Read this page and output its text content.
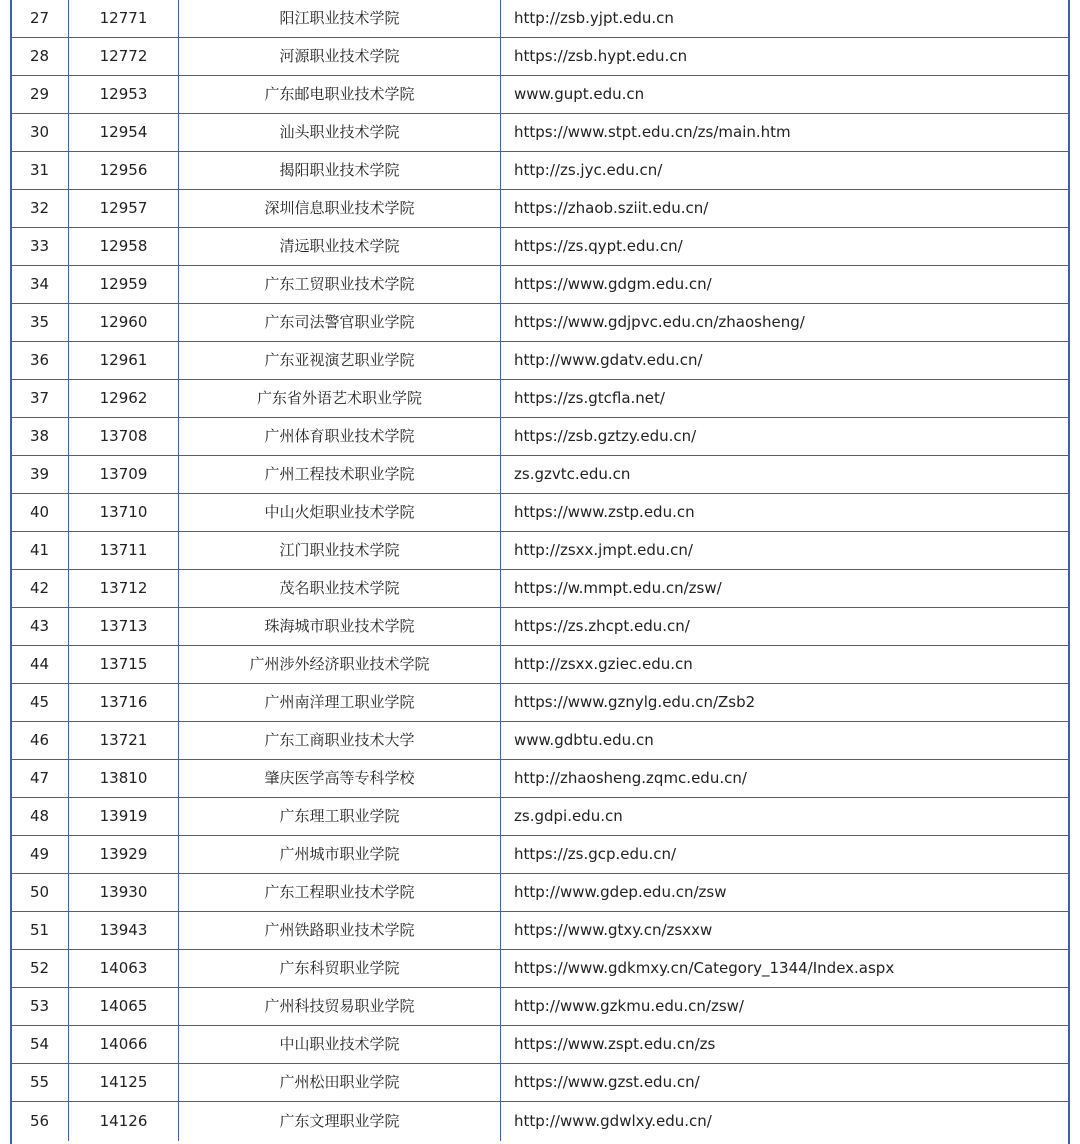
27	12771	阳江职业技术学院	http://zsb.yjpt.edu.cn
28	12772	河源职业技术学院	https://zsb.hypt.edu.cn
29	12953	广东邮电职业技术学院	www.gupt.edu.cn
30	12954	汕头职业技术学院	https://www.stpt.edu.cn/zs/main.htm
31	12956	揭阳职业技术学院	http://zs.jyc.edu.cn/
32	12957	深圳信息职业技术学院	https://zhaob.sziit.edu.cn/
33	12958	清远职业技术学院	https://zs.qypt.edu.cn/
34	12959	广东工贸职业技术学院	https://www.gdgm.edu.cn/
35	12960	广东司法警官职业学院	https://www.gdjpvc.edu.cn/zhaosheng/
36	12961	广东亚视演艺职业学院	http://www.gdatv.edu.cn/
37	12962	广东省外语艺术职业学院	https://zs.gtcfla.net/
38	13708	广州体育职业技术学院	https://zsb.gztzy.edu.cn/
39	13709	广州工程技术职业学院	zs.gzvtc.edu.cn
40	13710	中山火炬职业技术学院	https://www.zstp.edu.cn
41	13711	江门职业技术学院	http://zsxx.jmpt.edu.cn/
42	13712	茂名职业技术学院	https://w.mmpt.edu.cn/zsw/
43	13713	珠海城市职业技术学院	https://zs.zhcpt.edu.cn/
44	13715	广州涉外经济职业技术学院	http://zsxx.gziec.edu.cn
45	13716	广州南洋理工职业学院	https://www.gznylg.edu.cn/Zsb2
46	13721	广东工商职业技术大学	www.gdbtu.edu.cn
47	13810	肇庆医学高等专科学校	http://zhaosheng.zqmc.edu.cn/
48	13919	广东理工职业学院	zs.gdpi.edu.cn
49	13929	广州城市职业学院	https://zs.gcp.edu.cn/
50	13930	广东工程职业技术学院	http://www.gdep.edu.cn/zsw
51	13943	广州铁路职业技术学院	https://www.gtxy.cn/zsxxw
52	14063	广东科贸职业学院	https://www.gdkmxy.cn/Category_1344/Index.aspx
53	14065	广州科技贸易职业学院	http://www.gzkmu.edu.cn/zsw/
54	14066	中山职业技术学院	https://www.zspt.edu.cn/zs
55	14125	广州松田职业学院	https://www.gzst.edu.cn/
56	14126	广东文理职业学院	http://www.gdwlxy.edu.cn/
